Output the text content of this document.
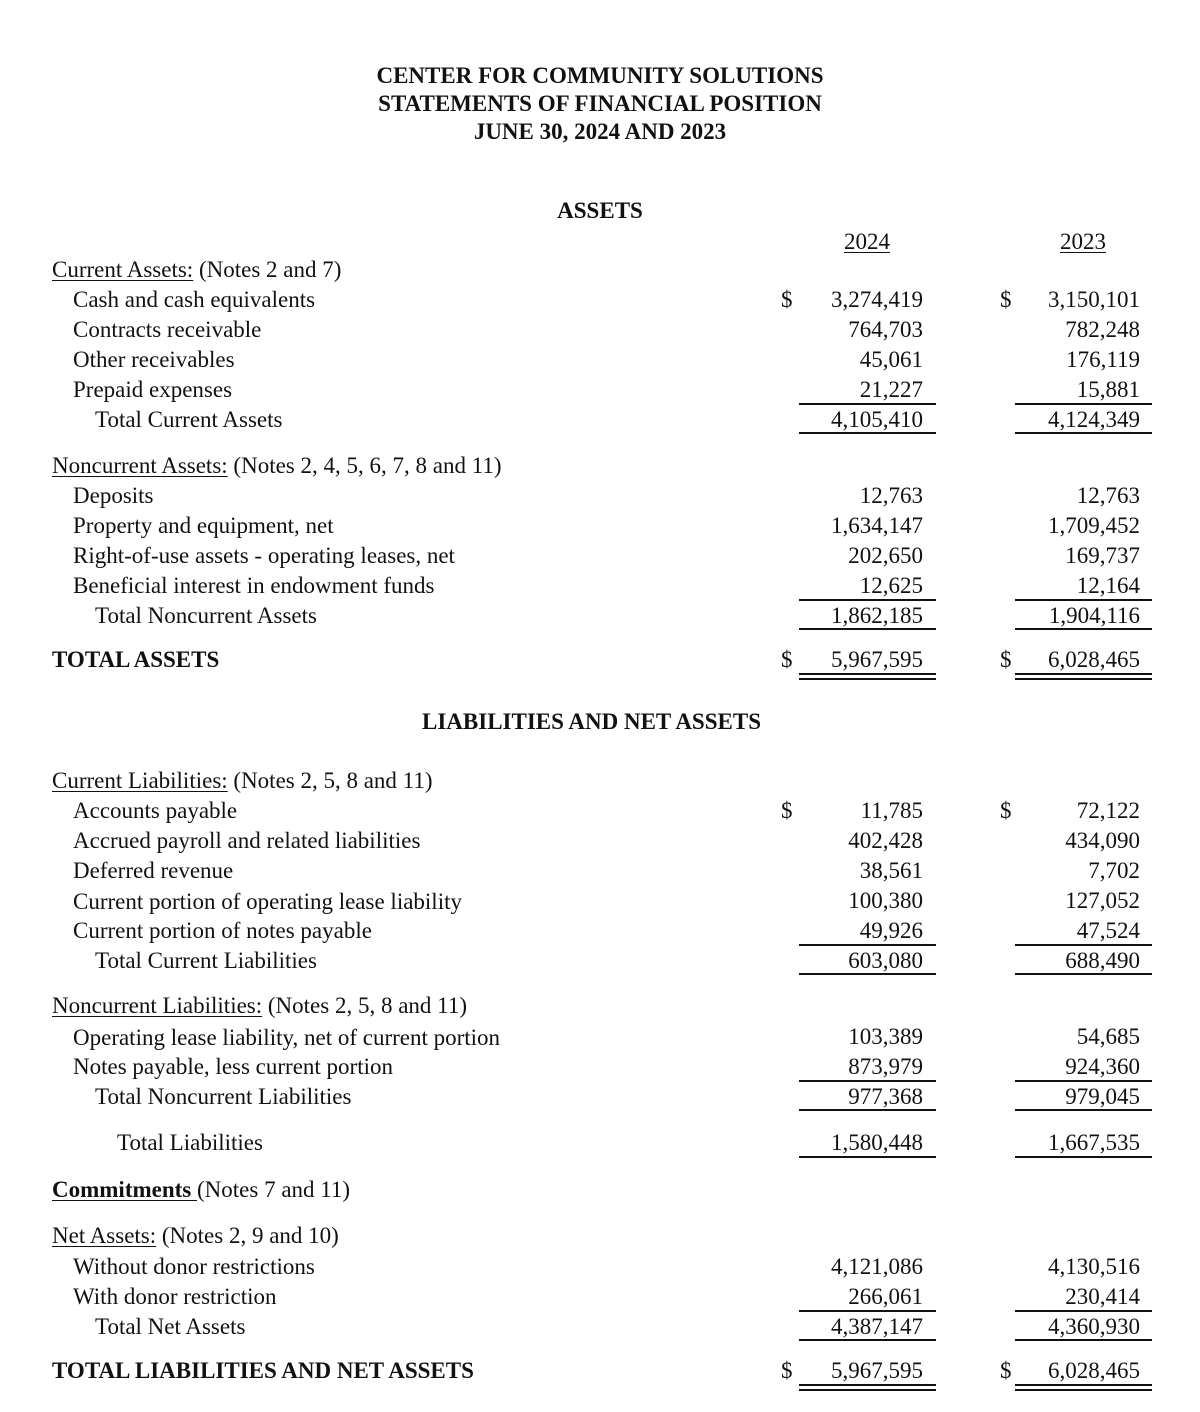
CENTER FOR COMMUNITY SOLUTIONS
STATEMENTS OF FINANCIAL POSITION
JUNE 30, 2024 AND 2023
ASSETS
2024	2023
Current Assets: (Notes 2 and 7)
Cash and cash equivalents	$ 3,274,419	$ 3,150,101
Contracts receivable	764,703	782,248
Other receivables	45,061	176,119
Prepaid expenses	21,227	15,881
Total Current Assets	4,105,410	4,124,349
Noncurrent Assets: (Notes 2, 4, 5, 6, 7, 8 and 11)
Deposits	12,763	12,763
Property and equipment, net	1,634,147	1,709,452
Right-of-use assets - operating leases, net	202,650	169,737
Beneficial interest in endowment funds	12,625	12,164
Total Noncurrent Assets	1,862,185	1,904,116
TOTAL ASSETS	$ 5,967,595	$ 6,028,465
LIABILITIES AND NET ASSETS
Current Liabilities: (Notes 2, 5, 8 and 11)
Accounts payable	$	11,785	$	72,122
Accrued payroll and related liabilities	402,428	434,090
Deferred revenue	38,561	7,702
Current portion of operating lease liability	100,380	127,052
Current portion of notes payable	49,926	47,524
Total Current Liabilities	603,080	688,490
Noncurrent Liabilities: (Notes 2, 5, 8 and 11)
Operating lease liability, net of current portion	103,389	54,685
Notes payable, less current portion	873,979	924,360
Total Noncurrent Liabilities	977,368	979,045
Total Liabilities	1,580,448	1,667,535
Commitments (Notes 7 and 11)
Net Assets: (Notes 2, 9 and 10)
Without donor restrictions	4,121,086	4,130,516
With donor restriction	266,061	230,414
Total Net Assets	4,387,147	4,360,930
TOTAL LIABILITIES AND NET ASSETS	$ 5,967,595	$ 6,028,465
